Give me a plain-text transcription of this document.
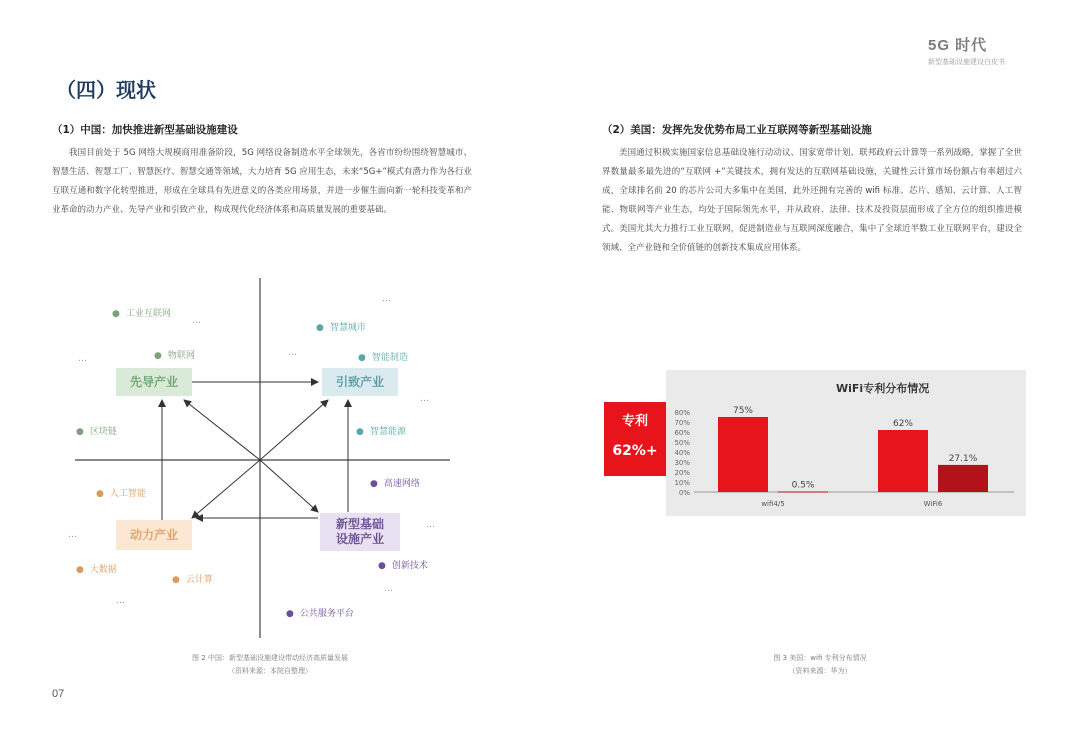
5G 时代
新型基础设施建设白皮书
（四）现状
（1）中国：加快推进新型基础设施建设
我国目前处于 5G 网络大规模商用准备阶段，5G 网络设备制造水平全球领先，各省市纷纷围绕智慧城市、智慧生活、智慧工厂、智慧医疗、智慧交通等领域，大力培育 5G 应用生态，未来“5G+”模式有潜力作为各行业互联互通和数字化转型推进，形成在全球具有先进意义的各类应用场景，并进一步催生面向新一轮科技变革和产业革命的动力产业、先导产业和引致产业，构成现代化经济体系和高质量发展的重要基础。
（2）美国：发挥先发优势布局工业互联网等新型基础设施
美国通过积极实施国家信息基础设施行动动议、国家宽带计划、联邦政府云计算等一系列战略，掌握了全世界数量最多最先进的“互联网 +”关键技术，拥有发达的互联网基础设施，关键性云计算市场份额占有率超过六成，全球排名前 20 的芯片公司大多集中在美国，此外还拥有完善的 wifi 标准、芯片、感知、云计算、人工智能、物联网等产业生态，均处于国际领先水平，并从政府、法律、技术及投资层面形成了全方位的组织推进模式。美国尤其大力推行工业互联网，促进制造业与互联网深度融合，集中了全球近半数工业互联网平台，建设全领域、全产业链和全价值链的创新技术集成应用体系。
先导产业	引致产业
动力产业
新型基础
设施产业
● 工业互联网
● 物联网
● 区块链
…
…
● 智慧城市
● 智能制造
● 智慧能源
…
…
…
● 人工智能
● 大数据
● 云计算
…
…
● 高速网络
● 创新技术
● 公共服务平台
…
…
图 2 中国：新型基础设施建设带动经济高质量发展
（资料来源：本院自整理）
专利
62%+
WiFi专利分布情况
0%
10%
20%
30%
40%
50%
60%
70%
80%	75%
0.5%
wifi4/5
62%
27.1%
WiFi6
图 3 美国：wifi 专利分布情况
（资料来源：华为）
07
